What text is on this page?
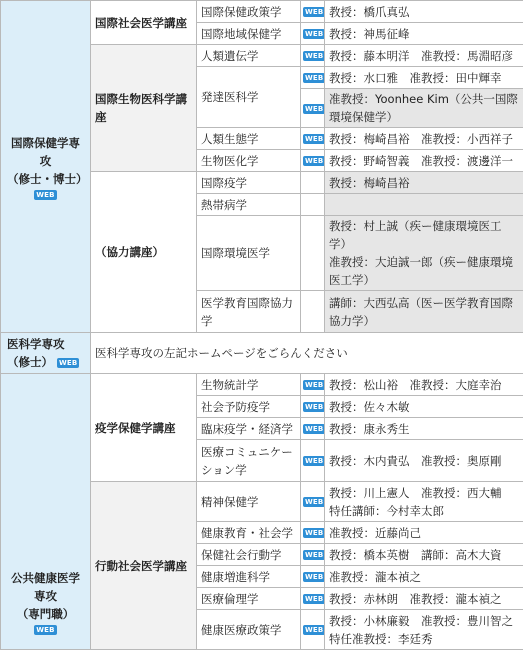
国際保健学専攻
（修士・博士）
WEB	国際社会医学講座	国際保健政策学	WEB	教授：橋爪真弘
		国際地域保健学	WEB	教授：神馬征峰
	国際生物医科学講座	人類遺伝学	WEB	教授：藤本明洋　准教授：馬淵昭彦
		発達医科学	WEB	教授：水口雅　准教授：田中輝幸
			WEB	准教授：Yoonhee Kim（公共一国際環境保健学）
		人類生態学	WEB	教授：梅崎昌裕　准教授：小西祥子
		生物医化学	WEB	教授：野崎智義　准教授：渡邊洋一

	（協力講座）	国際疫学		教授：梅崎昌裕
		熱帯病学		
		国際環境医学		教授：村上誠（疾ー健康環境医工学）
准教授：大迫誠一郎（疾ー健康環境医工学）
		医学教育国際協力学		講師：大西弘高（医ー医学教育国際協力学）
医科学専攻（修士） WEB	医科学専攻の左記ホームページをごらんください			

公共健康医学専攻
（専門職）
WEB	疫学保健学講座	生物統計学	WEB	教授：松山裕　准教授：大庭幸治
		社会予防疫学	WEB	教授：佐々木敏
		臨床疫学・経済学	WEB	教授：康永秀生
		医療コミュニケーション学	WEB	教授：木内貴弘　准教授：奥原剛
	行動社会医学講座	精神保健学	WEB	教授：川上憲人　准教授：西大輔
特任講師：今村幸太郎
		健康教育・社会学	WEB	准教授：近藤尚己
		保健社会行動学	WEB	教授：橋本英樹　講師：高木大資
		健康増進科学	WEB	准教授：瀧本禎之
		医療倫理学	WEB	教授：赤林朗　准教授：瀧本禎之
		健康医療政策学	WEB	教授：小林廉毅　准教授：豊川智之
特任准教授：李廷秀
